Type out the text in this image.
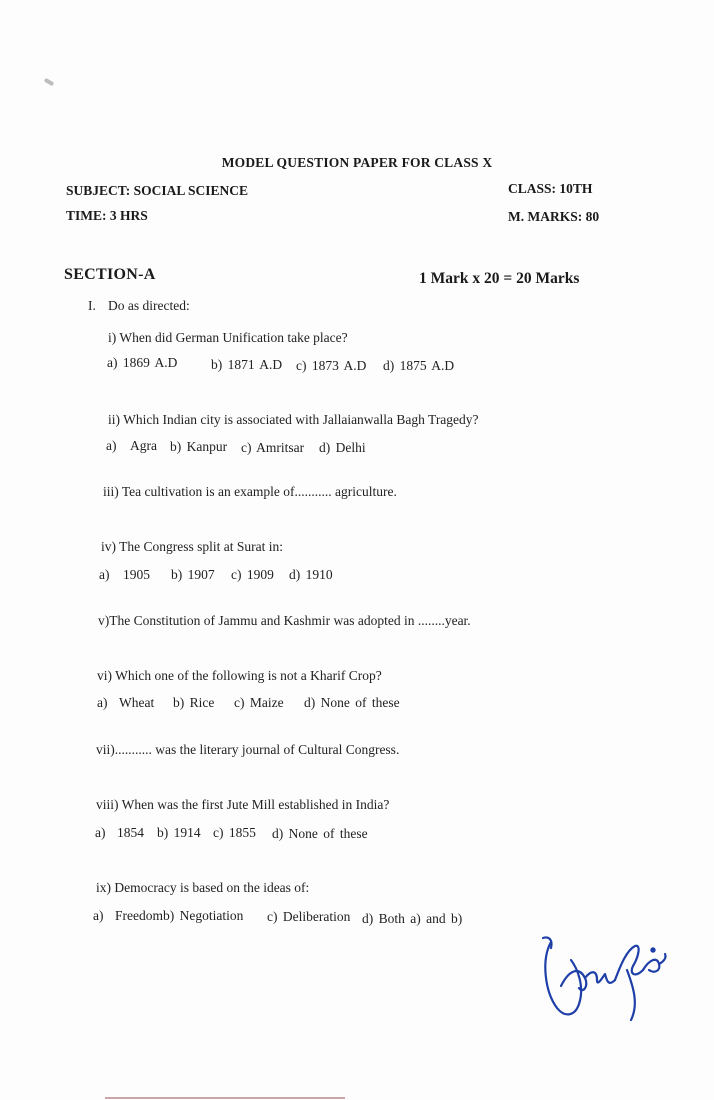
MODEL QUESTION PAPER FOR CLASS X
SUBJECT: SOCIAL SCIENCE	CLASS: 10TH
TIME: 3 HRS	M. MARKS: 80
SECTION-A	1 Mark x 20 = 20 Marks
I. Do as directed:
i) When did German Unification take place?
a) 1869 A.D b) 1871 A.D c) 1873 A.D d) 1875 A.D
ii) Which Indian city is associated with Jallaianwalla Bagh Tragedy?
a) Agra b) Kanpur c) Amritsar d) Delhi
iii) Tea cultivation is an example of........... agriculture.
iv) The Congress split at Surat in:
a) 1905 b) 1907 c) 1909 d) 1910
v)The Constitution of Jammu and Kashmir was adopted in ........year.
vi) Which one of the following is not a Kharif Crop?
a) Wheat b) Rice c) Maize d) None of these
vii)........... was the literary journal of Cultural Congress.
viii) When was the first Jute Mill established in India?
a) 1854 b) 1914 c) 1855 d) None of these
ix) Democracy is based on the ideas of:
a) Freedomb) Negotiation c) Deliberation d) Both a) and b)
